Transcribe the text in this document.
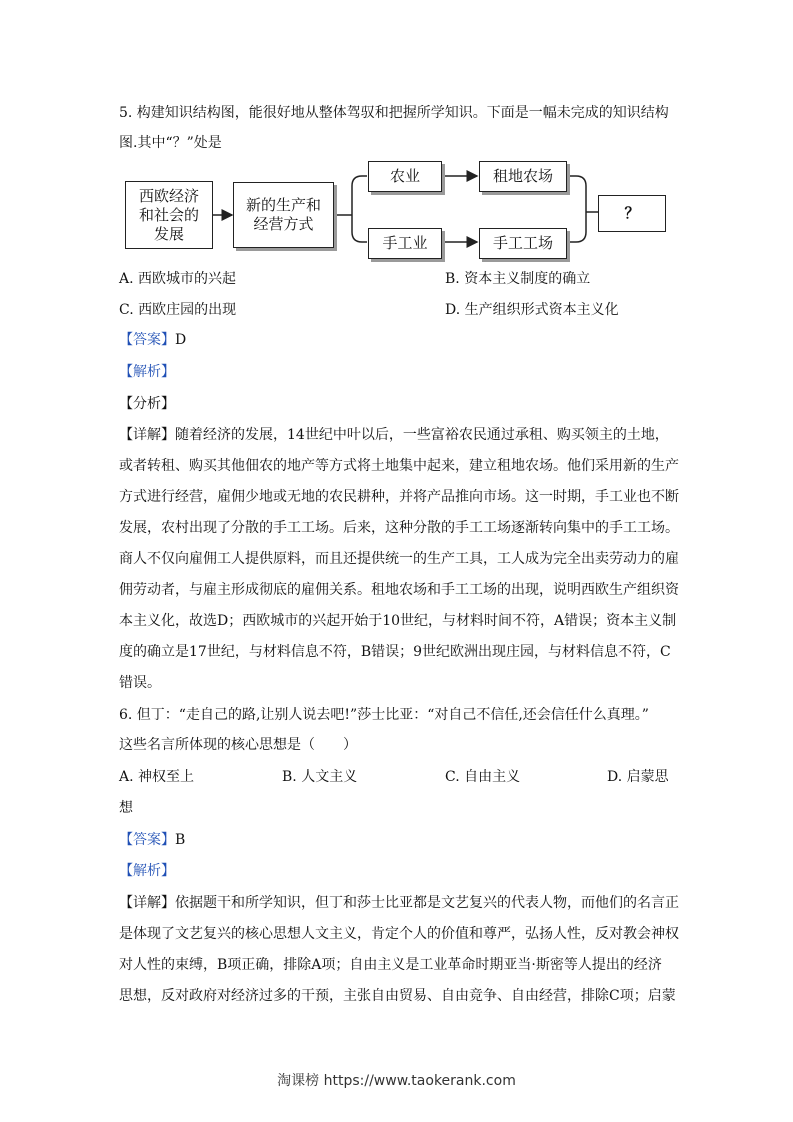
5. 构建知识结构图，能很好地从整体驾驭和把握所学知识。下面是一幅未完成的知识结构
图.其中“？”处是
西欧经济
和社会的
发展
新的生产和
经营方式
农业	租地农场
手工业	手工工场
？
A. 西欧城市的兴起	B. 资本主义制度的确立
C. 西欧庄园的出现	D. 生产组织形式资本主义化
【答案】D
【解析】
【分析】
【详解】随着经济的发展，14世纪中叶以后，一些富裕农民通过承租、购买领主的土地，
或者转租、购买其他佃农的地产等方式将土地集中起来，建立租地农场。他们采用新的生产
方式进行经营，雇佣少地或无地的农民耕种，并将产品推向市场。这一时期，手工业也不断
发展，农村出现了分散的手工工场。后来，这种分散的手工工场逐渐转向集中的手工工场。
商人不仅向雇佣工人提供原料，而且还提供统一的生产工具，工人成为完全出卖劳动力的雇
佣劳动者，与雇主形成彻底的雇佣关系。租地农场和手工工场的出现，说明西欧生产组织资
本主义化，故选D；西欧城市的兴起开始于10世纪，与材料时间不符，A错误；资本主义制
度的确立是17世纪，与材料信息不符，B错误；9世纪欧洲出现庄园，与材料信息不符，C
错误。
6. 但丁：“走自己的路,让别人说去吧!”莎士比亚：“对自己不信任,还会信任什么真理。”
这些名言所体现的核心思想是（　　）
A. 神权至上	B. 人文主义	C. 自由主义	D. 启蒙思
想
【答案】B
【解析】
【详解】依据题干和所学知识，但丁和莎士比亚都是文艺复兴的代表人物，而他们的名言正
是体现了文艺复兴的核心思想人文主义，肯定个人的价值和尊严，弘扬人性，反对教会神权
对人性的束缚，B项正确，排除A项；自由主义是工业革命时期亚当·斯密等人提出的经济
思想，反对政府对经济过多的干预，主张自由贸易、自由竞争、自由经营，排除C项；启蒙
淘课榜 https://www.taokerank.com
